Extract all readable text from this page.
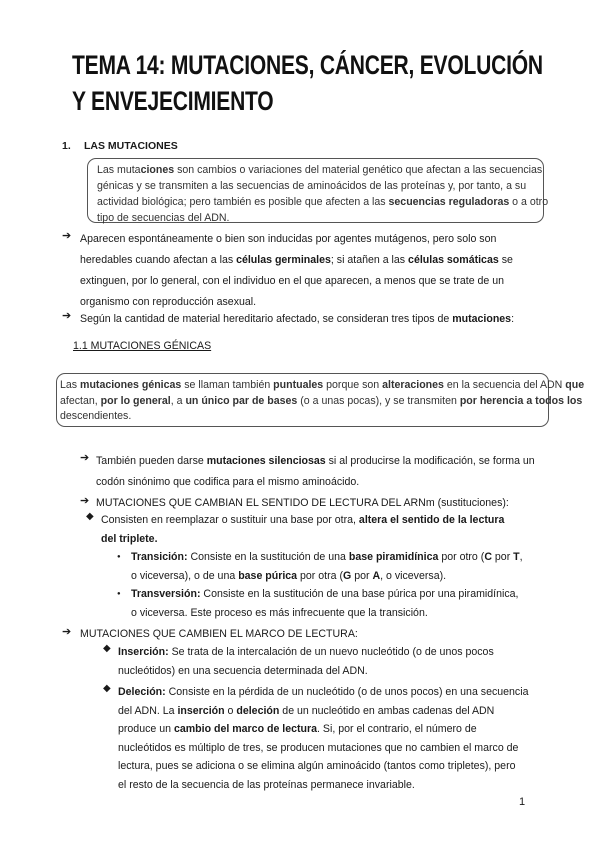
TEMA 14: MUTACIONES, CÁNCER, EVOLUCIÓN
Y ENVEJECIMIENTO
1. LAS MUTACIONES
Las mutaciones son cambios o variaciones del material genético que afectan a las secuencias
génicas y se transmiten a las secuencias de aminoácidos de las proteínas y, por tanto, a su
actividad biológica; pero también es posible que afecten a las secuencias reguladoras o a otro
tipo de secuencias del ADN.
➔ Aparecen espontáneamente o bien son inducidas por agentes mutágenos, pero solo son
heredables cuando afectan a las células germinales; si atañen a las células somáticas se
extinguen, por lo general, con el individuo en el que aparecen, a menos que se trate de un
organismo con reproducción asexual.
➔ Según la cantidad de material hereditario afectado, se consideran tres tipos de mutaciones:
1.1 MUTACIONES GÉNICAS
Las mutaciones génicas se llaman también puntuales porque son alteraciones en la secuencia del ADN que
afectan, por lo general, a un único par de bases (o a unas pocas), y se transmiten por herencia a todos los
descendientes.
➔ También pueden darse mutaciones silenciosas si al producirse la modificación, se forma un
codón sinónimo que codifica para el mismo aminoácido.
➔ MUTACIONES QUE CAMBIAN EL SENTIDO DE LECTURA DEL ARNm (sustituciones):
◆ Consisten en reemplazar o sustituir una base por otra, altera el sentido de la lectura
del triplete.
● Transición: Consiste en la sustitución de una base piramidínica por otro (C por T,
o viceversa), o de una base púrica por otra (G por A, o viceversa).
● Transversión: Consiste en la sustitución de una base púrica por una piramidínica,
o viceversa. Este proceso es más infrecuente que la transición.
➔ MUTACIONES QUE CAMBIEN EL MARCO DE LECTURA:
◆ Inserción: Se trata de la intercalación de un nuevo nucleótido (o de unos pocos
nucleótidos) en una secuencia determinada del ADN.
◆ Deleción: Consiste en la pérdida de un nucleótido (o de unos pocos) en una secuencia
del ADN. La inserción o deleción de un nucleótido en ambas cadenas del ADN
produce un cambio del marco de lectura. Si, por el contrario, el número de
nucleótidos es múltiplo de tres, se producen mutaciones que no cambien el marco de
lectura, pues se adiciona o se elimina algún aminoácido (tantos como tripletes), pero
el resto de la secuencia de las proteínas permanece invariable.
1
